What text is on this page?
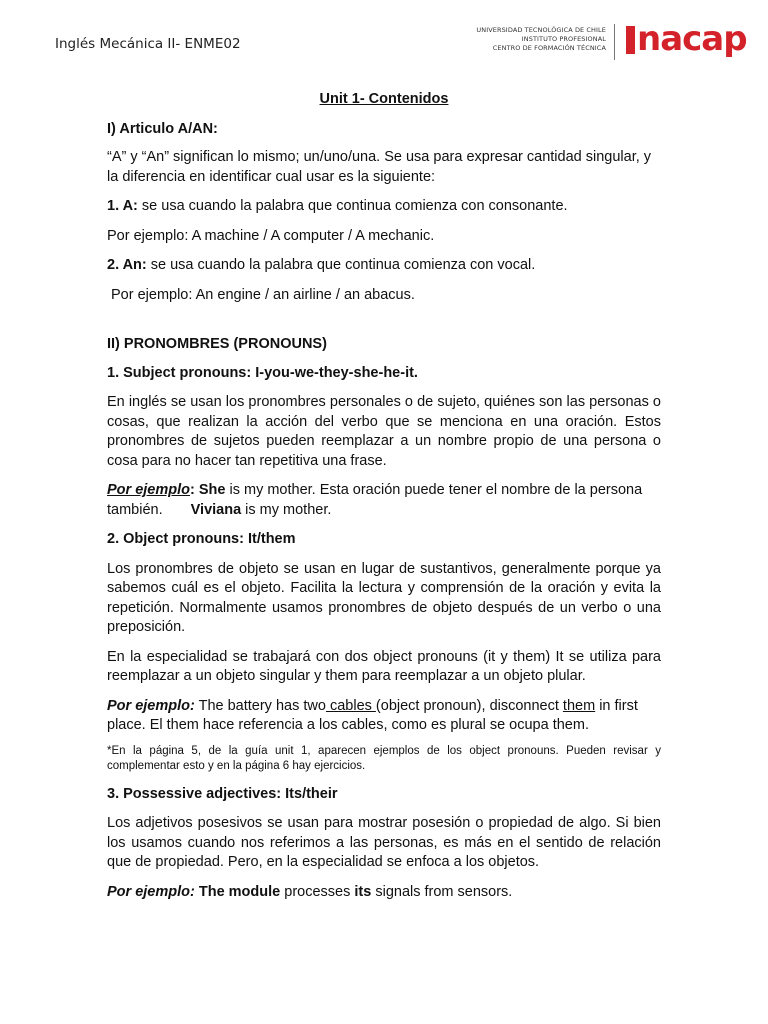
Inglés Mecánica II- ENME02
UNIVERSIDAD TECNOLÓGICA DE CHILE
INSTITUTO PROFESIONAL
CENTRO DE FORMACIÓN TÉCNICA nacap

Unit 1- Contenidos

I) Articulo A/AN:

“A” y “An” significan lo mismo; un/uno/una. Se usa para expresar cantidad singular, y la diferencia en identificar cual usar es la siguiente:

1. A: se usa cuando la palabra que continua comienza con consonante.

Por ejemplo: A machine / A computer / A mechanic.

2. An: se usa cuando la palabra que continua comienza con vocal.

Por ejemplo: An engine / an airline / an abacus.

II) PRONOMBRES (PRONOUNS)

1. Subject pronouns: I-you-we-they-she-he-it.

En inglés se usan los pronombres personales o de sujeto, quiénes son las personas o cosas, que realizan la acción del verbo que se menciona en una oración. Estos pronombres de sujetos pueden reemplazar a un nombre propio de una persona o cosa para no hacer tan repetitiva una frase.

Por ejemplo: She is my mother. Esta oración puede tener el nombre de la persona también. Viviana is my mother.

2. Object pronouns: It/them

Los pronombres de objeto se usan en lugar de sustantivos, generalmente porque ya sabemos cuál es el objeto. Facilita la lectura y comprensión de la oración y evita la repetición. Normalmente usamos pronombres de objeto después de un verbo o una preposición.

En la especialidad se trabajará con dos object pronouns (it y them) It se utiliza para reemplazar a un objeto singular y them para reemplazar a un objeto plular.

Por ejemplo: The battery has two cables (object pronoun), disconnect them in first place. El them hace referencia a los cables, como es plural se ocupa them.

*En la página 5, de la guía unit 1, aparecen ejemplos de los object pronouns. Pueden revisar y complementar esto y en la página 6 hay ejercicios.

3. Possessive adjectives: Its/their

Los adjetivos posesivos se usan para mostrar posesión o propiedad de algo. Si bien los usamos cuando nos referimos a las personas, es más en el sentido de relación que de propiedad. Pero, en la especialidad se enfoca a los objetos.

Por ejemplo: The module processes its signals from sensors.
